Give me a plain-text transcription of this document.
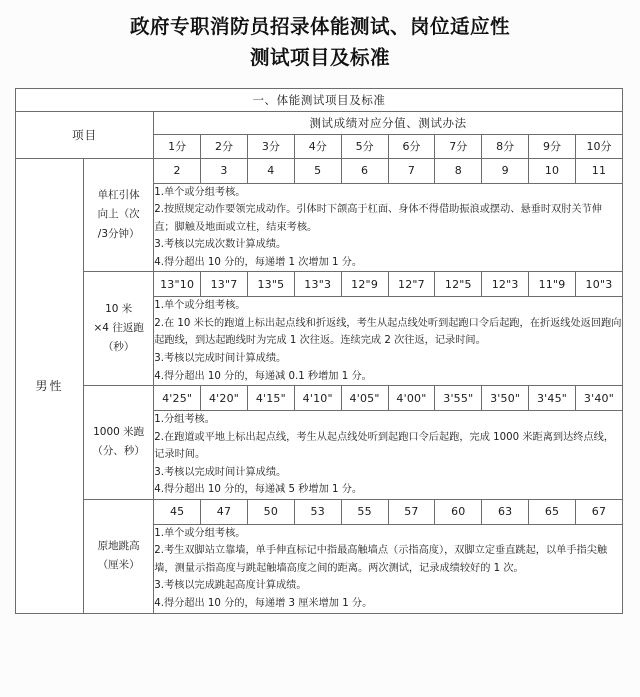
政府专职消防员招录体能测试、岗位适应性
测试项目及标准
一、体能测试项目及标准											
项目		测试成绩对应分值、测试办法									
		1分	2分	3分	4分	5分	6分	7分	8分	9分	10分
男性	单杠引体
向上（次
/3分钟）	2	3	4	5	6	7	8	9	10	11

		1.单个或分组考核。
2.按照规定动作要领完成动作。引体时下颌高于杠面、身体不得借助振浪或摆动、悬垂时双肘关节伸直；脚触及地面或立柱，结束考核。
3.考核以完成次数计算成绩。
4.得分超出 10 分的，每递增 1 次增加 1 分。									

	10 米
×4 往返跑
（秒）	13"10	13"7	13"5	13"3	12"9	12"7	12"5	12"3	11"9	10"3

		1.单个或分组考核。
2.在 10 米长的跑道上标出起点线和折返线，考生从起点线处听到起跑口令后起跑，在折返线处返回跑向起跑线，到达起跑线时为完成 1 次往返。连续完成 2 次往返，记录时间。
3.考核以完成时间计算成绩。
4.得分超出 10 分的，每递减 0.1 秒增加 1 分。									

	1000 米跑
（分、秒）	4'25"	4'20"	4'15"	4'10"	4'05"	4'00"	3'55"	3'50"	3'45"	3'40"

		1.分组考核。
2.在跑道或平地上标出起点线，考生从起点线处听到起跑口令后起跑，完成 1000 米距离到达终点线，记录时间。
3.考核以完成时间计算成绩。
4.得分超出 10 分的，每递减 5 秒增加 1 分。									

	原地跳高
（厘米）	45	47	50	53	55	57	60	63	65	67

		1.单个或分组考核。
2.考生双脚站立靠墙，单手伸直标记中指最高触墙点（示指高度），双脚立定垂直跳起，以单手指尖触墙，测量示指高度与跳起触墙高度之间的距离。两次测试，记录成绩较好的 1 次。
3.考核以完成跳起高度计算成绩。
4.得分超出 10 分的，每递增 3 厘米增加 1 分。									
